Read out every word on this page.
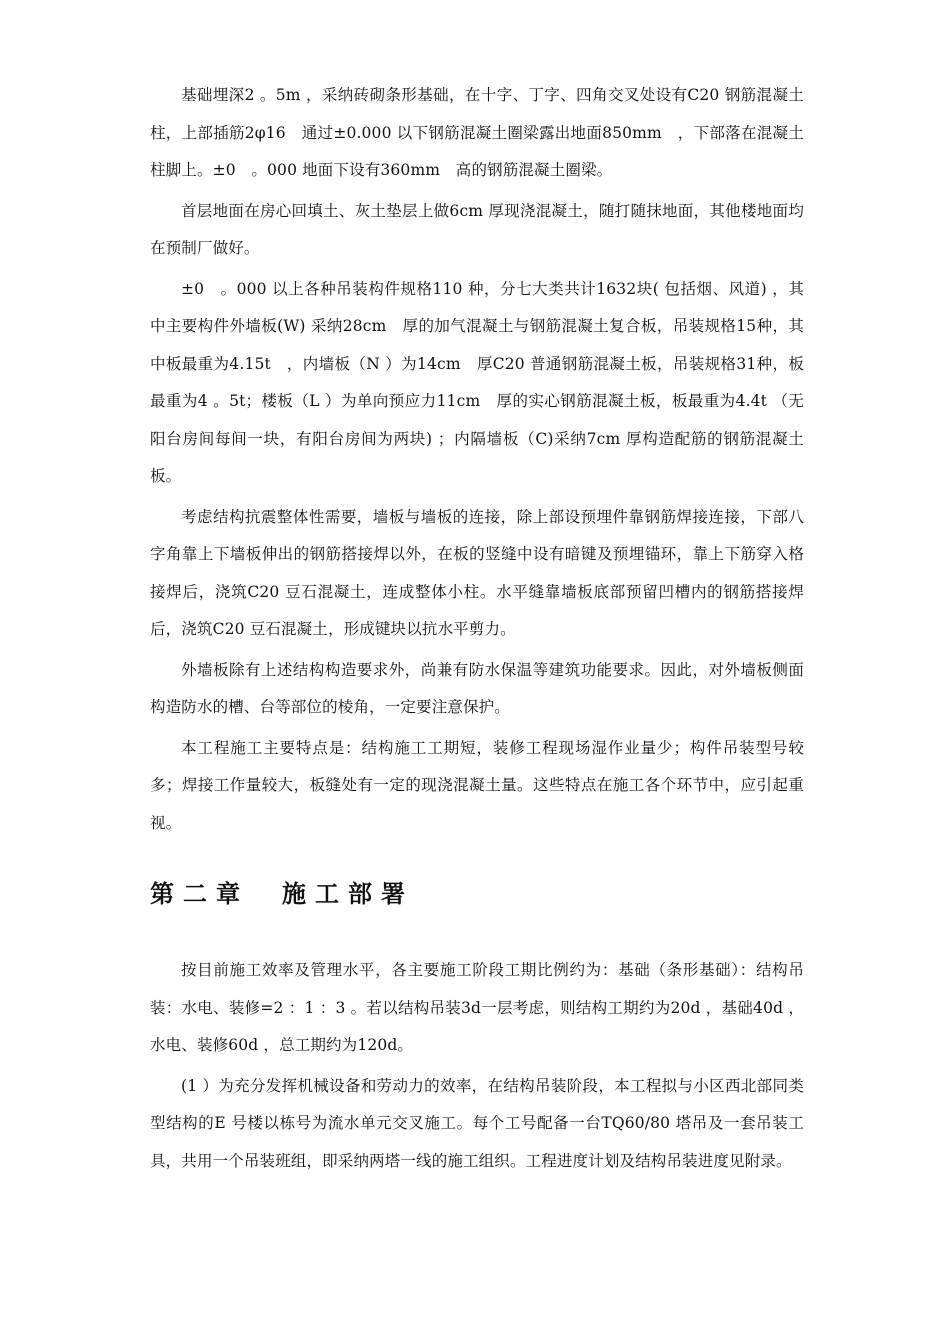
基础埋深2 。5m ，采纳砖砌条形基础，在十字、丁字、四角交叉处设有C20 钢筋混凝土柱，上部插筋2φ16　通过±0.000 以下钢筋混凝土圈梁露出地面850mm　，下部落在混凝土柱脚上。±0　。000 地面下设有360mm　高的钢筋混凝土圈梁。

首层地面在房心回填土、灰土垫层上做6cm 厚现浇混凝土，随打随抹地面，其他楼地面均在预制厂做好。

±0　。000 以上各种吊装构件规格110 种，分七大类共计1632块( 包括烟、风道) ，其中主要构件外墙板(W) 采纳28cm　厚的加气混凝土与钢筋混凝土复合板，吊装规格15种，其中板最重为4.15t　，内墙板（N ）为14cm　厚C20 普通钢筋混凝土板，吊装规格31种，板最重为4 。5t；楼板（L ）为单向预应力11cm　厚的实心钢筋混凝土板，板最重为4.4t （无阳台房间每间一块，有阳台房间为两块) ；内隔墙板（C)采纳7cm 厚构造配筋的钢筋混凝土板。

考虑结构抗震整体性需要，墙板与墙板的连接，除上部设预埋件靠钢筋焊接连接，下部八字角靠上下墙板伸出的钢筋搭接焊以外，在板的竖缝中设有暗键及预埋锚环，靠上下筋穿入格接焊后，浇筑C20 豆石混凝土，连成整体小柱。水平缝靠墙板底部预留凹槽内的钢筋搭接焊后，浇筑C20 豆石混凝土，形成键块以抗水平剪力。

外墙板除有上述结构构造要求外，尚兼有防水保温等建筑功能要求。因此，对外墙板侧面构造防水的槽、台等部位的棱角，一定要注意保护。

本工程施工主要特点是：结构施工工期短，装修工程现场湿作业量少；构件吊装型号较多；焊接工作量较大，板缝处有一定的现浇混凝土量。这些特点在施工各个环节中，应引起重视。

第二章　施工部署

按目前施工效率及管理水平，各主要施工阶段工期比例约为：基础（条形基础）：结构吊装：水电、装修=2 ：1 ：3 。若以结构吊装3d一层考虑，则结构工期约为20d ，基础40d ，水电、装修60d ，总工期约为120d。

(1 ）为充分发挥机械设备和劳动力的效率，在结构吊装阶段，本工程拟与小区西北部同类型结构的E 号楼以栋号为流水单元交叉施工。每个工号配备一台TQ60/80 塔吊及一套吊装工具，共用一个吊装班组，即采纳两塔一线的施工组织。工程进度计划及结构吊装进度见附录。
